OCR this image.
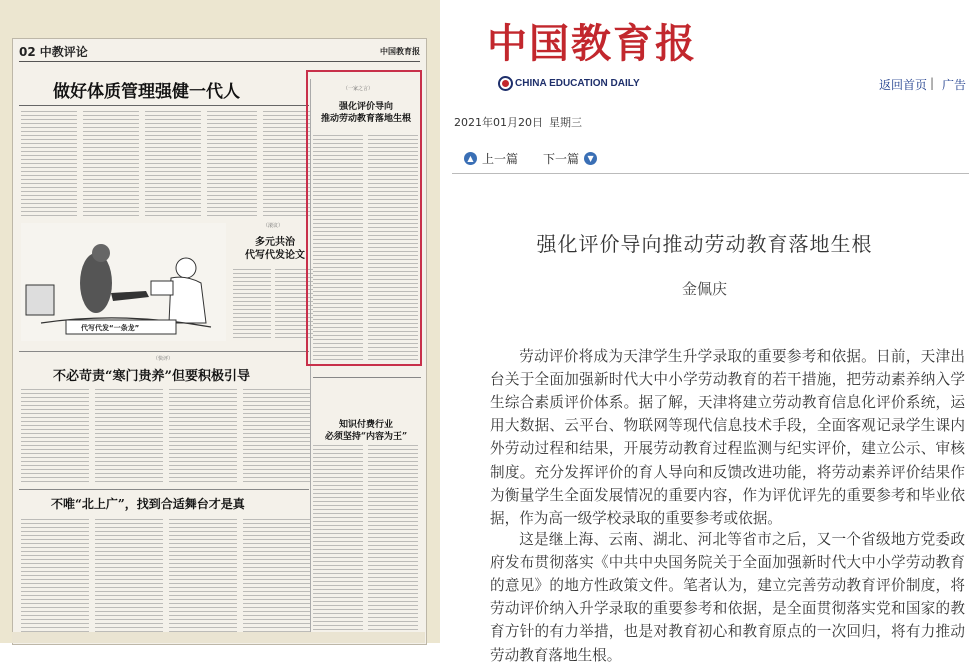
02 中教评论	中国教育报
做好体质管理强健一代人
代写代发“一条龙”
（滚议）
多元共治
代写代发论文
（快评）
不必苛责“寒门贵养”但要积极引导
不唯“北上广”，找到合适舞台才是真
（一家之言）
强化评价导向
推动劳动教育落地生根
知识付费行业
必须坚持“内容为王”
中国教育报
CHINA EDUCATION DAILY	返回首页 | 广告
2021年01月20日 星期三
▲ 上一篇 下一篇	▼
强化评价导向推动劳动教育落地生根
金佩庆

劳动评价将成为天津学生升学录取的重要参考和依据。日前，天津出台关于全面加强新时代大中小学劳动教育的若干措施，把劳动素养纳入学生综合素质评价体系。据了解，天津将建立劳动教育信息化评价系统，运用大数据、云平台、物联网等现代信息技术手段，全面客观记录学生课内外劳动过程和结果，开展劳动教育过程监测与纪实评价，建立公示、审核制度。充分发挥评价的育人导向和反馈改进功能，将劳动素养评价结果作为衡量学生全面发展情况的重要内容，作为评优评先的重要参考和毕业依据，作为高一级学校录取的重要参考或依据。

这是继上海、云南、湖北、河北等省市之后，又一个省级地方党委政府发布贯彻落实《中共中央国务院关于全面加强新时代大中小学劳动教育的意见》的地方性政策文件。笔者认为，建立完善劳动教育评价制度，将劳动评价纳入升学录取的重要参考和依据，是全面贯彻落实党和国家的教育方针的有力举措，也是对教育初心和教育原点的一次回归，将有力推动劳动教育落地生根。
